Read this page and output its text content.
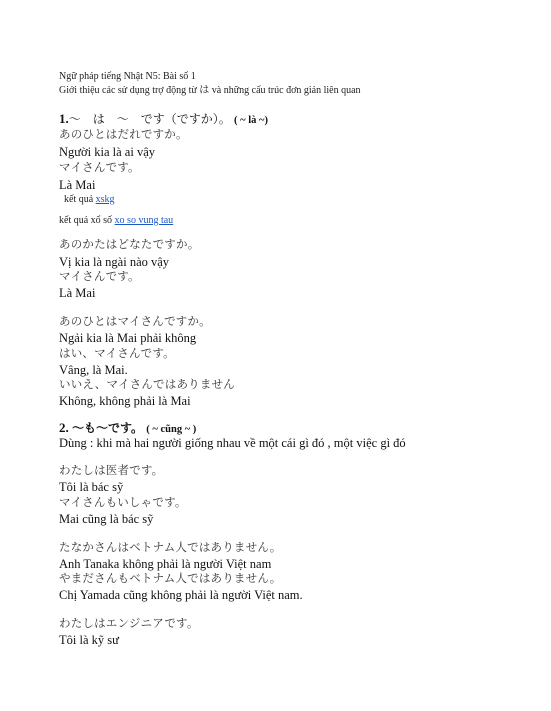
Ngữ pháp tiếng Nhật N5: Bài số 1
Giới thiệu các sử dụng trợ động từ は và những cấu trúc đơn giản liên quan
1.～　は　～　です（ですか）。 ( ~ là ~)
あのひとはだれですか。
Người kia là ai vậy
マイさんです。
Là Mai
kết quả xskg
kết quả xổ số xo so vung tau
あのかたはどなたですか。
Vị kia là ngài nào vậy
マイさんです。
Là Mai
あのひとはマイさんですか。
Ngải kia là Mai phải không
はい、マイさんです。
Vâng, là Mai.
いいえ、マイさんではありません
Không, không phải là Mai
2. ～も～です。 ( ~ cũng ~ )
Dùng : khi mà hai người giống nhau về một cái gì đó , một việc gì đó
わたしは医者です。
Tôi là bác sỹ
マイさんもいしゃです。
Mai cũng là bác sỹ
たなかさんはベトナム人ではありません。
Anh Tanaka không phải là người Việt nam
やまださんもベトナム人ではありません。
Chị Yamada cũng không phải là người Việt nam.
わたしはエンジニアです。
Tôi là kỹ sư
